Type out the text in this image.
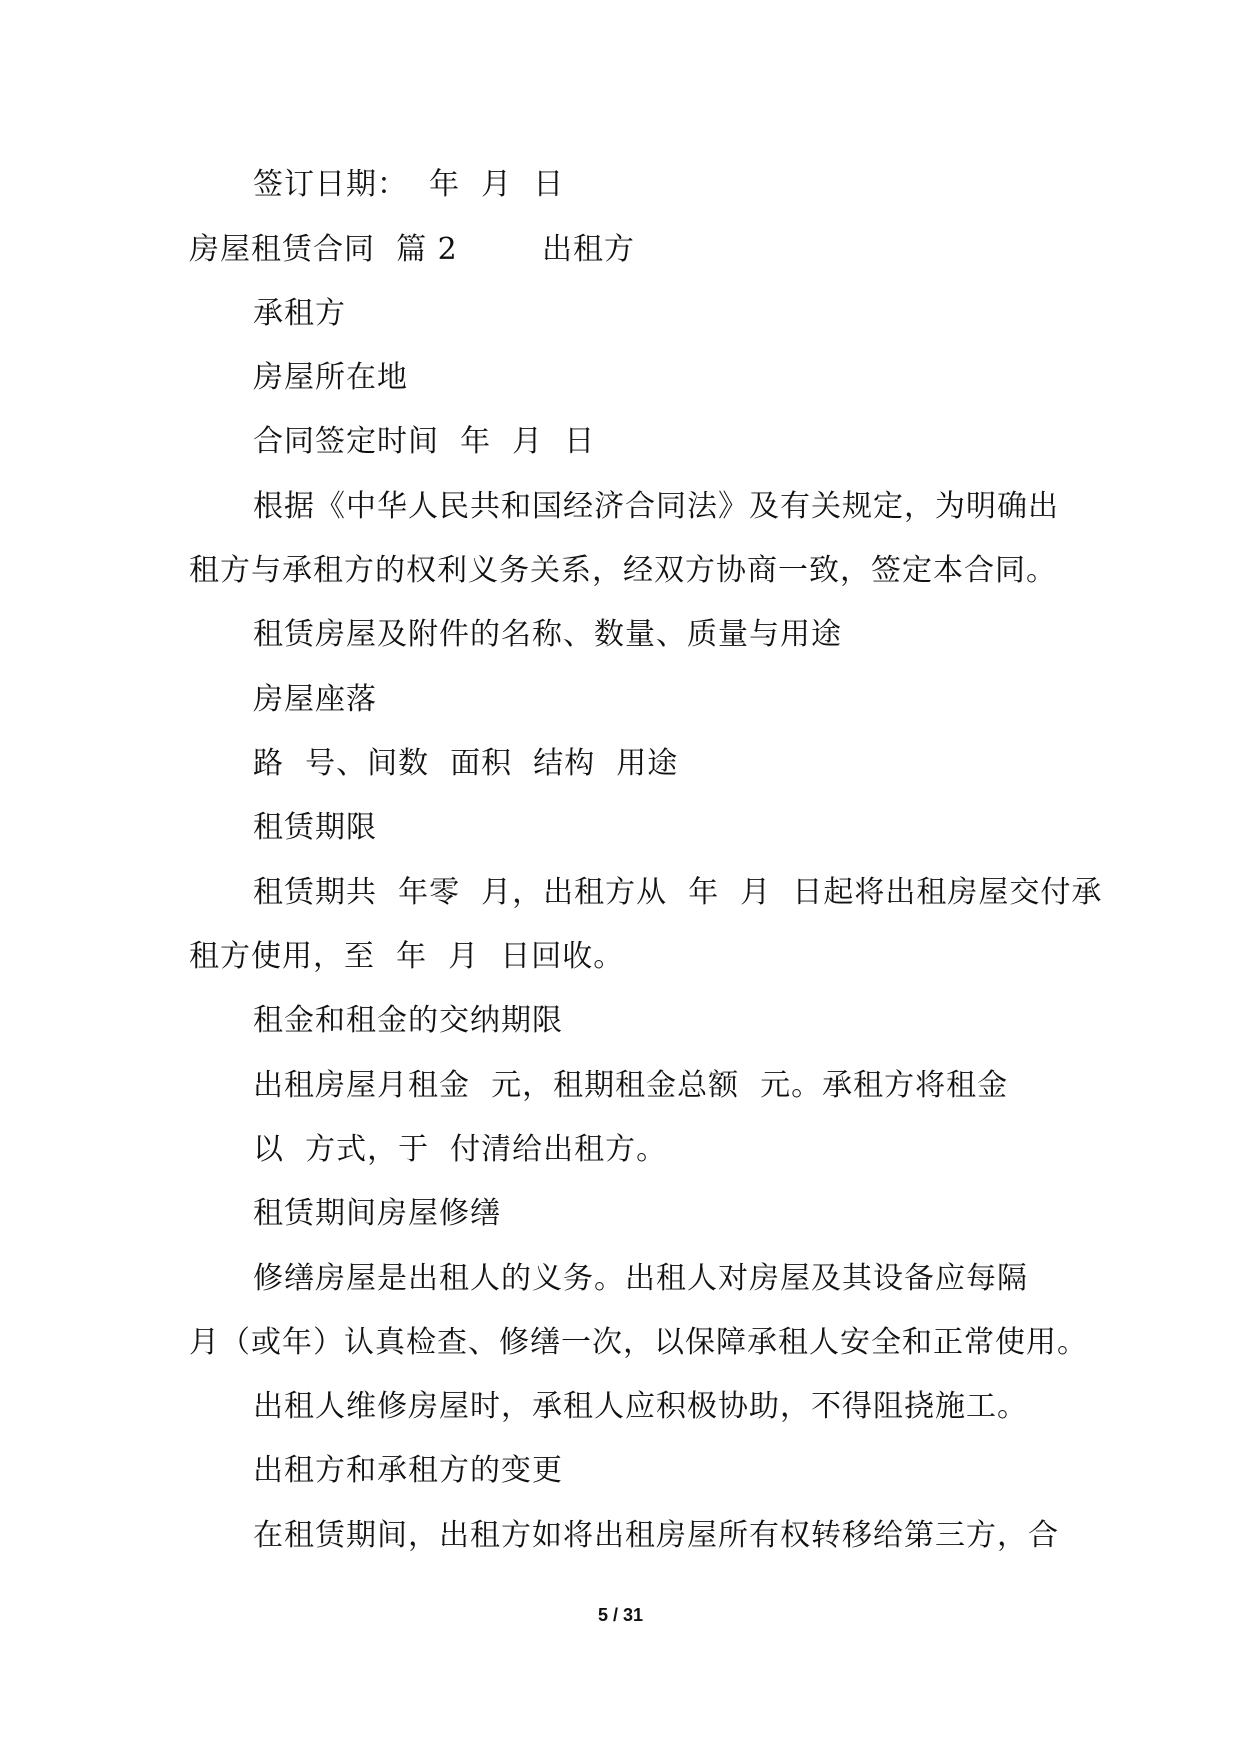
签订日期：  年  月  日
房屋租赁合同  篇 2        出租方
承租方
房屋所在地
合同签定时间  年  月  日
根据《中华人民共和国经济合同法》及有关规定，为明确出
租方与承租方的权利义务关系，经双方协商一致，签定本合同。
租赁房屋及附件的名称、数量、质量与用途
房屋座落
路  号、间数  面积  结构  用途
租赁期限
租赁期共  年零  月，出租方从  年  月  日起将出租房屋交付承
租方使用，至  年  月  日回收。
租金和租金的交纳期限
出租房屋月租金  元，租期租金总额  元。承租方将租金
以  方式，于  付清给出租方。
租赁期间房屋修缮
修缮房屋是出租人的义务。出租人对房屋及其设备应每隔
月（或年）认真检查、修缮一次，以保障承租人安全和正常使用。
出租人维修房屋时，承租人应积极协助，不得阻挠施工。
出租方和承租方的变更
在租赁期间，出租方如将出租房屋所有权转移给第三方，合
5 / 31
